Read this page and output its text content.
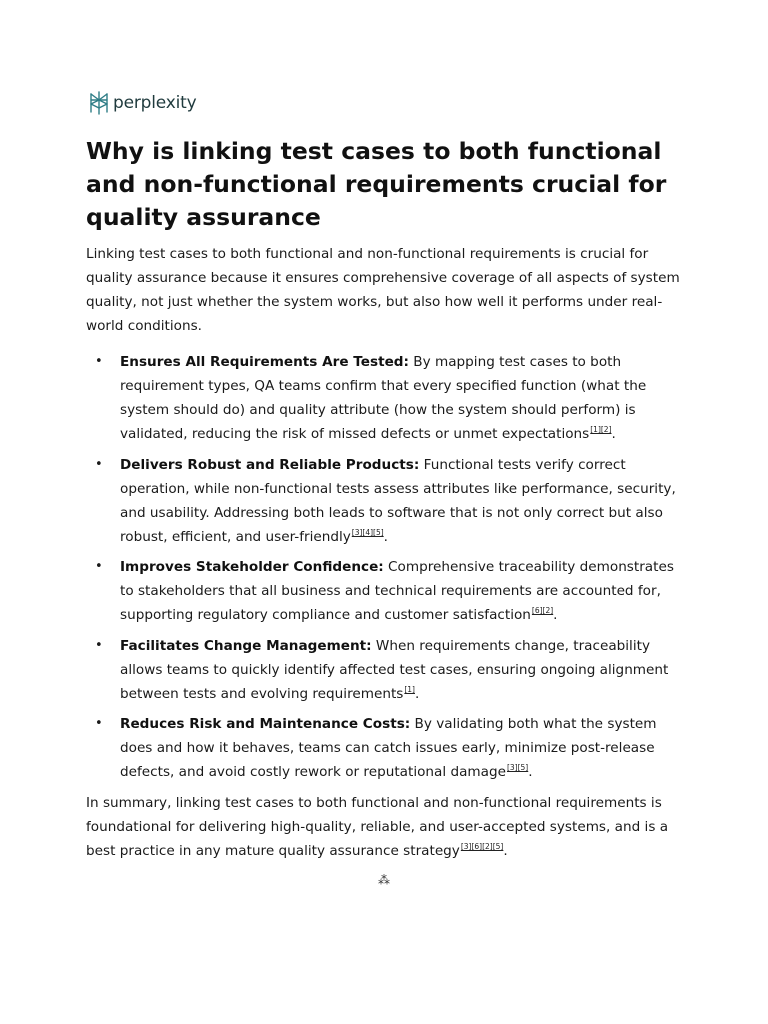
perplexity
Why is linking test cases to both functional and non-functional requirements crucial for quality assurance

Linking test cases to both functional and non-functional requirements is crucial for quality assurance because it ensures comprehensive coverage of all aspects of system quality, not just whether the system works, but also how well it performs under real-world conditions.

• Ensures All Requirements Are Tested: By mapping test cases to both requirement types, QA teams confirm that every specified function (what the system should do) and quality attribute (how the system should perform) is validated, reducing the risk of missed defects or unmet expectations[1][2].
• Delivers Robust and Reliable Products: Functional tests verify correct operation, while non-functional tests assess attributes like performance, security, and usability. Addressing both leads to software that is not only correct but also robust, efficient, and user-friendly[3][4][5].
• Improves Stakeholder Confidence: Comprehensive traceability demonstrates to stakeholders that all business and technical requirements are accounted for, supporting regulatory compliance and customer satisfaction[6][2].
• Facilitates Change Management: When requirements change, traceability allows teams to quickly identify affected test cases, ensuring ongoing alignment between tests and evolving requirements[1].
• Reduces Risk and Maintenance Costs: By validating both what the system does and how it behaves, teams can catch issues early, minimize post-release defects, and avoid costly rework or reputational damage[3][5].

In summary, linking test cases to both functional and non-functional requirements is foundational for delivering high-quality, reliable, and user-accepted systems, and is a best practice in any mature quality assurance strategy[3][6][2][5].

⁂
